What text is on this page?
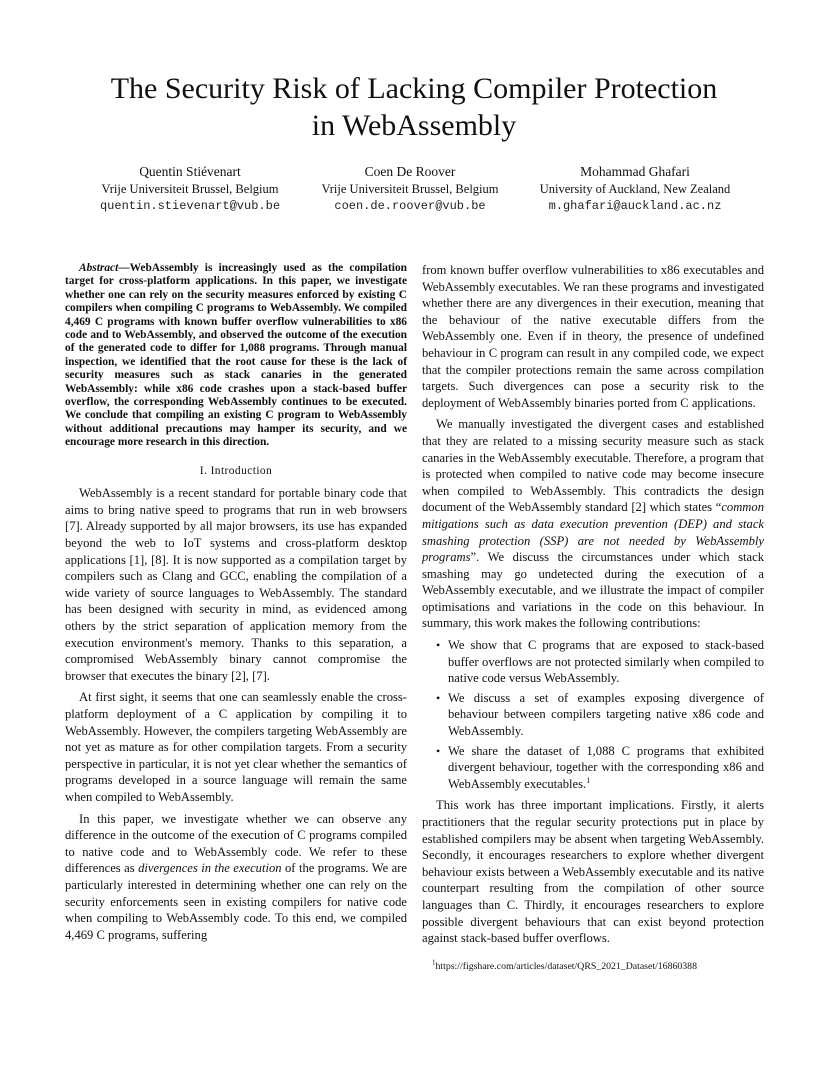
The Security Risk of Lacking Compiler Protection
in WebAssembly
Quentin Stiévenart
Vrije Universiteit Brussel, Belgium
quentin.stievenart@vub.be
Coen De Roover
Vrije Universiteit Brussel, Belgium
coen.de.roover@vub.be
Mohammad Ghafari
University of Auckland, New Zealand
m.ghafari@auckland.ac.nz

Abstract—WebAssembly is increasingly used as the compilation target for cross-platform applications. In this paper, we investigate whether one can rely on the security measures enforced by existing C compilers when compiling C programs to WebAssembly. We compiled 4,469 C programs with known buffer overflow vulnerabilities to x86 code and to WebAssembly, and observed the outcome of the execution of the generated code to differ for 1,088 programs. Through manual inspection, we identified that the root cause for these is the lack of security measures such as stack canaries in the generated WebAssembly: while x86 code crashes upon a stack-based buffer overflow, the corresponding WebAssembly continues to be executed. We conclude that compiling an existing C program to WebAssembly without additional precautions may hamper its security, and we encourage more research in this direction.

I. Introduction

WebAssembly is a recent standard for portable binary code that aims to bring native speed to programs that run in web browsers [7]. Already supported by all major browsers, its use has expanded beyond the web to IoT systems and cross-platform desktop applications [1], [8]. It is now supported as a compilation target by compilers such as Clang and GCC, enabling the compilation of a wide variety of source languages to WebAssembly. The standard has been designed with security in mind, as evidenced among others by the strict separation of application memory from the execution environment's memory. Thanks to this separation, a compromised WebAssembly binary cannot compromise the browser that executes the binary [2], [7].

At first sight, it seems that one can seamlessly enable the cross-platform deployment of a C application by compiling it to WebAssembly. However, the compilers targeting WebAssembly are not yet as mature as for other compilation targets. From a security perspective in particular, it is not yet clear whether the semantics of programs developed in a source language will remain the same when compiled to WebAssembly.

In this paper, we investigate whether we can observe any difference in the outcome of the execution of C programs compiled to native code and to WebAssembly code. We refer to these differences as divergences in the execution of the programs. We are particularly interested in determining whether one can rely on the security enforcements seen in existing compilers for native code when compiling to WebAssembly code. To this end, we compiled 4,469 C programs, suffering

from known buffer overflow vulnerabilities to x86 executables and WebAssembly executables. We ran these programs and investigated whether there are any divergences in their execution, meaning that the behaviour of the native executable differs from the WebAssembly one. Even if in theory, the presence of undefined behaviour in C program can result in any compiled code, we expect that the compiler protections remain the same across compilation targets. Such divergences can pose a security risk to the deployment of WebAssembly binaries ported from C applications.

We manually investigated the divergent cases and established that they are related to a missing security measure such as stack canaries in the WebAssembly executable. Therefore, a program that is protected when compiled to native code may become insecure when compiled to WebAssembly. This contradicts the design document of the WebAssembly standard [2] which states “common mitigations such as data execution prevention (DEP) and stack smashing protection (SSP) are not needed by WebAssembly programs”. We discuss the circumstances under which stack smashing may go undetected during the execution of a WebAssembly executable, and we illustrate the impact of compiler optimisations and variations in the code on this behaviour. In summary, this work makes the following contributions:

• We show that C programs that are exposed to stack-based buffer overflows are not protected similarly when compiled to native code versus WebAssembly.
• We discuss a set of examples exposing divergence of behaviour between compilers targeting native x86 code and WebAssembly.
• We share the dataset of 1,088 C programs that exhibited divergent behaviour, together with the corresponding x86 and WebAssembly executables.$^1$

This work has three important implications. Firstly, it alerts practitioners that the regular security protections put in place by established compilers may be absent when targeting WebAssembly. Secondly, it encourages researchers to explore whether divergent behaviour exists between a WebAssembly executable and its native counterpart resulting from the compilation of other source languages than C. Thirdly, it encourages researchers to explore possible divergent behaviours that can exist beyond protection against stack-based buffer overflows.

$^1$https://figshare.com/articles/dataset/QRS_2021_Dataset/16860388
